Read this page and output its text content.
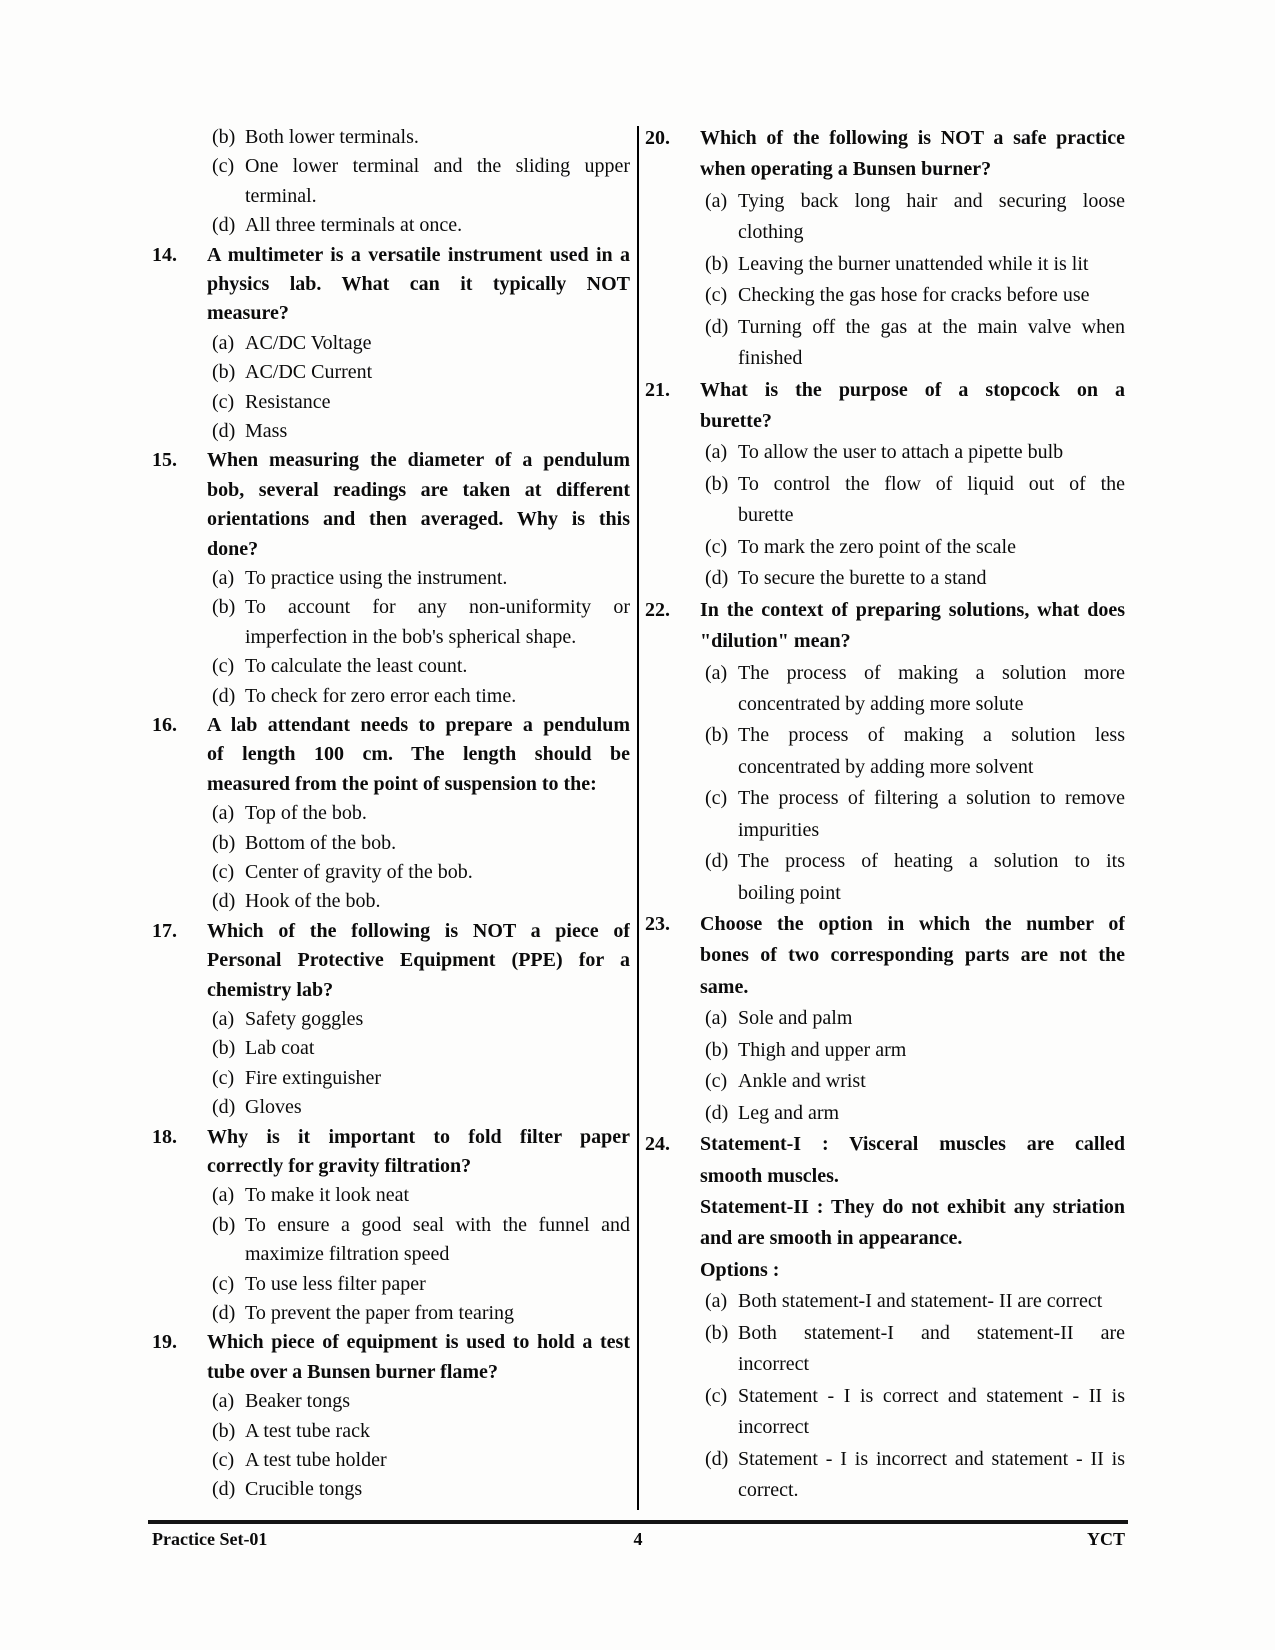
(b) Both lower terminals.
(c) One lower terminal and the sliding upper
terminal.
(d) All three terminals at once.
14.	A multimeter is a versatile instrument used in a
physics lab. What can it typically NOT
measure?
(a) AC/DC Voltage
(b) AC/DC Current
(c) Resistance
(d) Mass
15.	When measuring the diameter of a pendulum
bob, several readings are taken at different
orientations and then averaged. Why is this
done?
(a) To practice using the instrument.
(b) To account for any non-uniformity or
imperfection in the bob's spherical shape.
(c) To calculate the least count.
(d) To check for zero error each time.
16.	A lab attendant needs to prepare a pendulum
of length 100 cm. The length should be
measured from the point of suspension to the:
(a) Top of the bob.
(b) Bottom of the bob.
(c) Center of gravity of the bob.
(d) Hook of the bob.
17.	Which of the following is NOT a piece of
Personal Protective Equipment (PPE) for a
chemistry lab?
(a) Safety goggles
(b) Lab coat
(c) Fire extinguisher
(d) Gloves
18.	Why is it important to fold filter paper
correctly for gravity filtration?
(a) To make it look neat
(b) To ensure a good seal with the funnel and
maximize filtration speed
(c) To use less filter paper
(d) To prevent the paper from tearing
19.	Which piece of equipment is used to hold a test
tube over a Bunsen burner flame?
(a) Beaker tongs
(b) A test tube rack
(c) A test tube holder
(d) Crucible tongs
20.	Which of the following is NOT a safe practice
when operating a Bunsen burner?
(a) Tying back long hair and securing loose
clothing
(b) Leaving the burner unattended while it is lit
(c) Checking the gas hose for cracks before use
(d) Turning off the gas at the main valve when
finished
21.	What is the purpose of a stopcock on a
burette?
(a) To allow the user to attach a pipette bulb
(b) To control the flow of liquid out of the
burette
(c) To mark the zero point of the scale
(d) To secure the burette to a stand
22.	In the context of preparing solutions, what does
"dilution" mean?
(a) The process of making a solution more
concentrated by adding more solute
(b) The process of making a solution less
concentrated by adding more solvent
(c) The process of filtering a solution to remove
impurities
(d) The process of heating a solution to its
boiling point
23.	Choose the option in which the number of
bones of two corresponding parts are not the
same.
(a) Sole and palm
(b) Thigh and upper arm
(c) Ankle and wrist
(d) Leg and arm
24.	Statement-I : Visceral muscles are called
smooth muscles.
Statement-II : They do not exhibit any striation
and are smooth in appearance.
Options :
(a) Both statement-I and statement- II are correct
(b) Both statement-I and statement-II are
incorrect
(c) Statement - I is correct and statement - II is
incorrect
(d) Statement - I is incorrect and statement - II is
correct.
Practice Set-01	4	YCT
